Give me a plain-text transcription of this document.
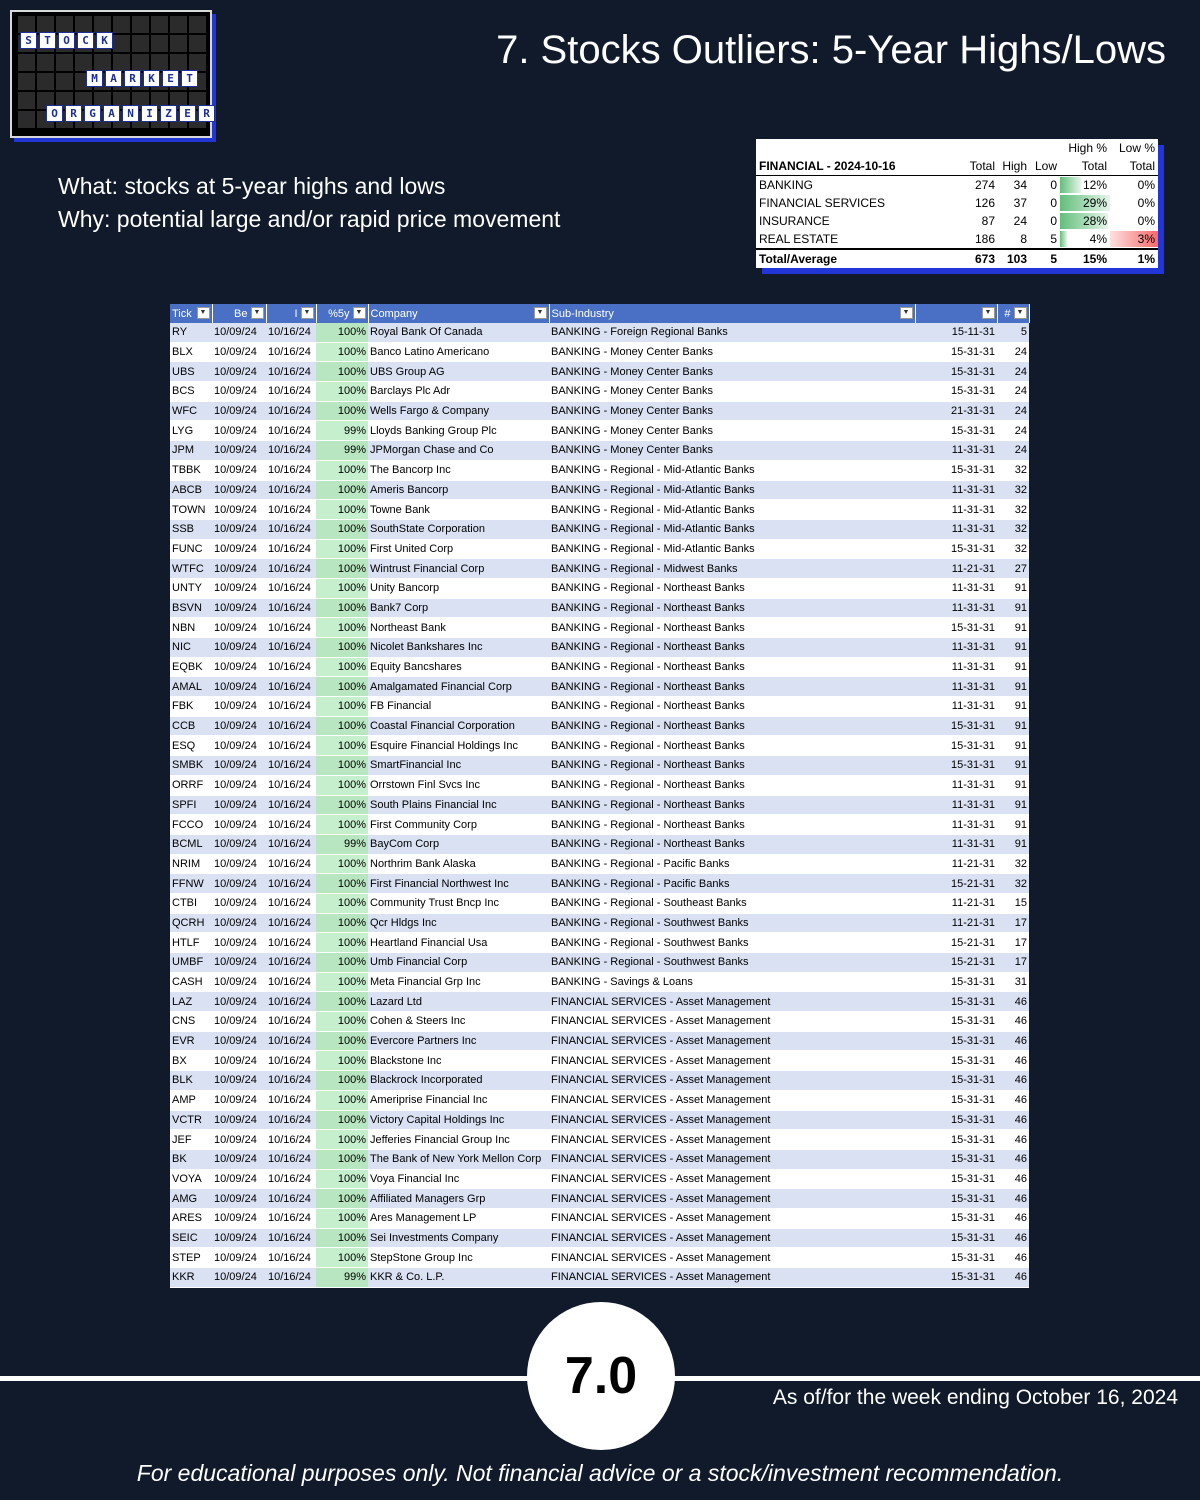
S	T	O	C	K
M	A	R	K	E	T
O	R	G	A	N	I	Z	E	R
7. Stocks Outliers: 5-Year Highs/Lows
What: stocks at 5-year highs and lows
Why: potential large and/or rapid price movement
				High %	Low %
FINANCIAL - 2024-10-16	Total	High	Low	Total	Total
BANKING	274	34	0	12%	0%
FINANCIAL SERVICES	126	37	0	29%	0%
INSURANCE	87	24	0	28%	0%
REAL ESTATE	186	8	5	4%	3%
Total/Average	673	103	5	15%	1%
Tick ▼	Be ▼	I ▼	%5y ▼	Company ▼	Sub-Industry ▼	▼	# ▼

RY	10/09/24	10/16/24	100%	Royal Bank Of Canada	BANKING - Foreign Regional Banks	15-11-31	5
BLX	10/09/24	10/16/24	100%	Banco Latino Americano	BANKING - Money Center Banks	15-31-31	24
UBS	10/09/24	10/16/24	100%	UBS Group AG	BANKING - Money Center Banks	15-31-31	24
BCS	10/09/24	10/16/24	100%	Barclays Plc Adr	BANKING - Money Center Banks	15-31-31	24
WFC	10/09/24	10/16/24	100%	Wells Fargo & Company	BANKING - Money Center Banks	21-31-31	24
LYG	10/09/24	10/16/24	99%	Lloyds Banking Group Plc	BANKING - Money Center Banks	15-31-31	24
JPM	10/09/24	10/16/24	99%	JPMorgan Chase and Co	BANKING - Money Center Banks	11-31-31	24
TBBK	10/09/24	10/16/24	100%	The Bancorp Inc	BANKING - Regional - Mid-Atlantic Banks	15-31-31	32
ABCB	10/09/24	10/16/24	100%	Ameris Bancorp	BANKING - Regional - Mid-Atlantic Banks	11-31-31	32
TOWN	10/09/24	10/16/24	100%	Towne Bank	BANKING - Regional - Mid-Atlantic Banks	11-31-31	32
SSB	10/09/24	10/16/24	100%	SouthState Corporation	BANKING - Regional - Mid-Atlantic Banks	11-31-31	32
FUNC	10/09/24	10/16/24	100%	First United Corp	BANKING - Regional - Mid-Atlantic Banks	15-31-31	32
WTFC	10/09/24	10/16/24	100%	Wintrust Financial Corp	BANKING - Regional - Midwest Banks	11-21-31	27
UNTY	10/09/24	10/16/24	100%	Unity Bancorp	BANKING - Regional - Northeast Banks	11-31-31	91
BSVN	10/09/24	10/16/24	100%	Bank7 Corp	BANKING - Regional - Northeast Banks	11-31-31	91
NBN	10/09/24	10/16/24	100%	Northeast Bank	BANKING - Regional - Northeast Banks	15-31-31	91
NIC	10/09/24	10/16/24	100%	Nicolet Bankshares Inc	BANKING - Regional - Northeast Banks	11-31-31	91
EQBK	10/09/24	10/16/24	100%	Equity Bancshares	BANKING - Regional - Northeast Banks	11-31-31	91
AMAL	10/09/24	10/16/24	100%	Amalgamated Financial Corp	BANKING - Regional - Northeast Banks	11-31-31	91
FBK	10/09/24	10/16/24	100%	FB Financial	BANKING - Regional - Northeast Banks	11-31-31	91
CCB	10/09/24	10/16/24	100%	Coastal Financial Corporation	BANKING - Regional - Northeast Banks	15-31-31	91
ESQ	10/09/24	10/16/24	100%	Esquire Financial Holdings Inc	BANKING - Regional - Northeast Banks	15-31-31	91
SMBK	10/09/24	10/16/24	100%	SmartFinancial Inc	BANKING - Regional - Northeast Banks	15-31-31	91
ORRF	10/09/24	10/16/24	100%	Orrstown Finl Svcs Inc	BANKING - Regional - Northeast Banks	11-31-31	91
SPFI	10/09/24	10/16/24	100%	South Plains Financial Inc	BANKING - Regional - Northeast Banks	11-31-31	91
FCCO	10/09/24	10/16/24	100%	First Community Corp	BANKING - Regional - Northeast Banks	11-31-31	91
BCML	10/09/24	10/16/24	99%	BayCom Corp	BANKING - Regional - Northeast Banks	11-31-31	91
NRIM	10/09/24	10/16/24	100%	Northrim Bank Alaska	BANKING - Regional - Pacific Banks	11-21-31	32
FFNW	10/09/24	10/16/24	100%	First Financial Northwest Inc	BANKING - Regional - Pacific Banks	15-21-31	32
CTBI	10/09/24	10/16/24	100%	Community Trust Bncp Inc	BANKING - Regional - Southeast Banks	11-21-31	15
QCRH	10/09/24	10/16/24	100%	Qcr Hldgs Inc	BANKING - Regional - Southwest Banks	11-21-31	17
HTLF	10/09/24	10/16/24	100%	Heartland Financial Usa	BANKING - Regional - Southwest Banks	15-21-31	17
UMBF	10/09/24	10/16/24	100%	Umb Financial Corp	BANKING - Regional - Southwest Banks	15-21-31	17
CASH	10/09/24	10/16/24	100%	Meta Financial Grp Inc	BANKING - Savings & Loans	15-31-31	31
LAZ	10/09/24	10/16/24	100%	Lazard Ltd	FINANCIAL SERVICES - Asset Management	15-31-31	46
CNS	10/09/24	10/16/24	100%	Cohen & Steers Inc	FINANCIAL SERVICES - Asset Management	15-31-31	46
EVR	10/09/24	10/16/24	100%	Evercore Partners Inc	FINANCIAL SERVICES - Asset Management	15-31-31	46
BX	10/09/24	10/16/24	100%	Blackstone Inc	FINANCIAL SERVICES - Asset Management	15-31-31	46
BLK	10/09/24	10/16/24	100%	Blackrock Incorporated	FINANCIAL SERVICES - Asset Management	15-31-31	46
AMP	10/09/24	10/16/24	100%	Ameriprise Financial Inc	FINANCIAL SERVICES - Asset Management	15-31-31	46
VCTR	10/09/24	10/16/24	100%	Victory Capital Holdings Inc	FINANCIAL SERVICES - Asset Management	15-31-31	46
JEF	10/09/24	10/16/24	100%	Jefferies Financial Group Inc	FINANCIAL SERVICES - Asset Management	15-31-31	46
BK	10/09/24	10/16/24	100%	The Bank of New York Mellon Corp	FINANCIAL SERVICES - Asset Management	15-31-31	46
VOYA	10/09/24	10/16/24	100%	Voya Financial Inc	FINANCIAL SERVICES - Asset Management	15-31-31	46
AMG	10/09/24	10/16/24	100%	Affiliated Managers Grp	FINANCIAL SERVICES - Asset Management	15-31-31	46
ARES	10/09/24	10/16/24	100%	Ares Management LP	FINANCIAL SERVICES - Asset Management	15-31-31	46
SEIC	10/09/24	10/16/24	100%	Sei Investments Company	FINANCIAL SERVICES - Asset Management	15-31-31	46
STEP	10/09/24	10/16/24	100%	StepStone Group Inc	FINANCIAL SERVICES - Asset Management	15-31-31	46
KKR	10/09/24	10/16/24	99%	KKR & Co. L.P.	FINANCIAL SERVICES - Asset Management	15-31-31	46
7.0	As of/for the week ending October 16, 2024
For educational purposes only. Not financial advice or a stock/investment recommendation.
